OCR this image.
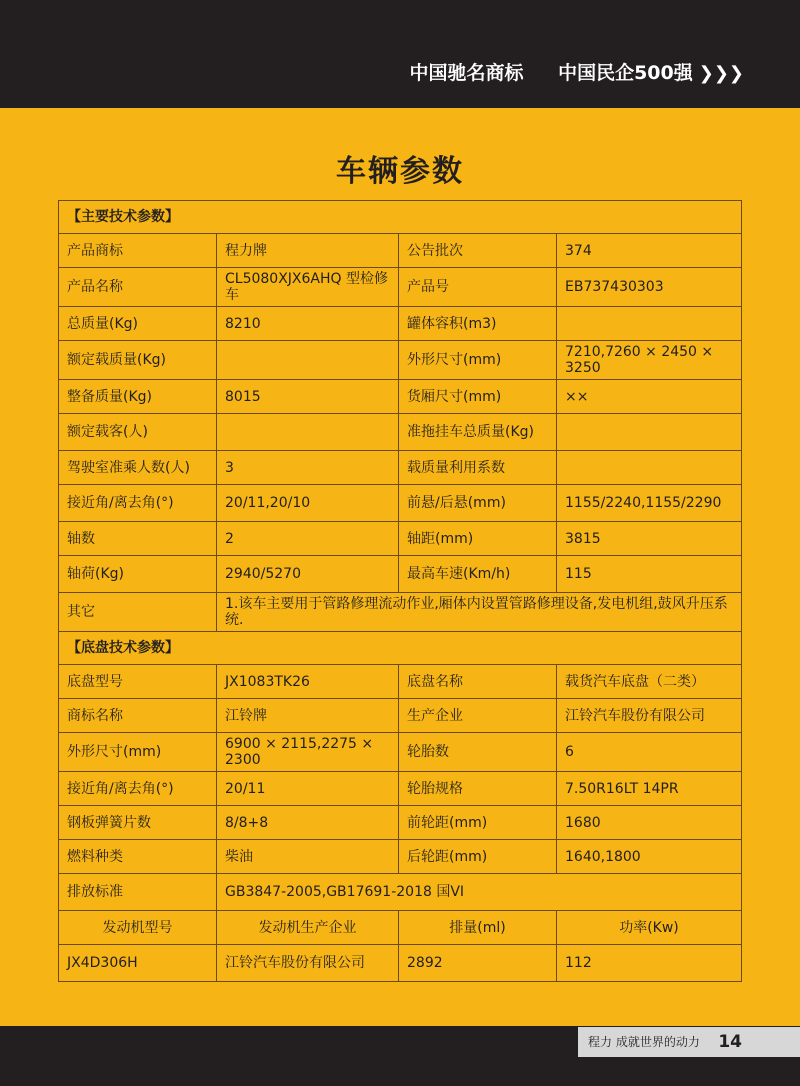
中国驰名商标 中国民企500强 ❯❯❯
车辆参数
【主要技术参数】			
产品商标	程力牌	公告批次	374
产品名称	CL5080XJX6AHQ 型检修车	产品号	EB737430303
总质量(Kg)	8210	罐体容积(m3)	
额定载质量(Kg)		外形尺寸(mm)	7210,7260 × 2450 × 3250
整备质量(Kg)	8015	货厢尺寸(mm)	××
额定载客(人)		准拖挂车总质量(Kg)	
驾驶室准乘人数(人)	3	载质量利用系数	
接近角/离去角(°)	20/11,20/10	前悬/后悬(mm)	1155/2240,1155/2290
轴数	2	轴距(mm)	3815
轴荷(Kg)	2940/5270	最高车速(Km/h)	115
其它	1.该车主要用于管路修理流动作业,厢体内设置管路修理设备,发电机组,鼓风升压系统.		
【底盘技术参数】			
底盘型号	JX1083TK26	底盘名称	载货汽车底盘（二类）
商标名称	江铃牌	生产企业	江铃汽车股份有限公司
外形尺寸(mm)	6900 × 2115,2275 × 2300	轮胎数	6
接近角/离去角(°)	20/11	轮胎规格	7.50R16LT 14PR
钢板弹簧片数	8/8+8	前轮距(mm)	1680
燃料种类	柴油	后轮距(mm)	1640,1800
排放标准	GB3847-2005,GB17691-2018 国VI		
发动机型号	发动机生产企业	排量(ml)	功率(Kw)
JX4D306H	江铃汽车股份有限公司	2892	112
程力 成就世界的动力 14
